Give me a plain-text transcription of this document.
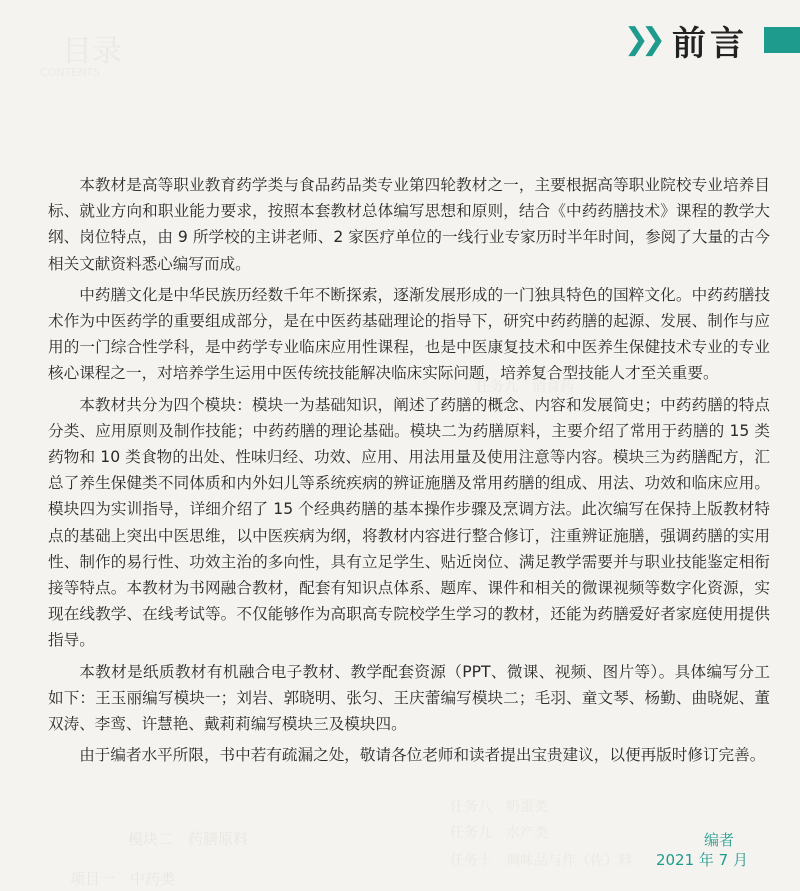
目录
CONTENTS
模块二　药膳原料
项目一　中药类
任务九　消食药
任务八　奶蛋类
任务九　水产类
任务十　调味品与作（佐）料
❯❯ 前言

本教材是高等职业教育药学类与食品药品类专业第四轮教材之一，主要根据高等职业院校专业培养目标、就业方向和职业能力要求，按照本套教材总体编写思想和原则，结合《中药药膳技术》课程的教学大纲、岗位特点，由 9 所学校的主讲老师、2 家医疗单位的一线行业专家历时半年时间，参阅了大量的古今相关文献资料悉心编写而成。

中药膳文化是中华民族历经数千年不断探索，逐渐发展形成的一门独具特色的国粹文化。中药药膳技术作为中医药学的重要组成部分，是在中医药基础理论的指导下，研究中药药膳的起源、发展、制作与应用的一门综合性学科，是中药学专业临床应用性课程，也是中医康复技术和中医养生保健技术专业的专业核心课程之一，对培养学生运用中医传统技能解决临床实际问题，培养复合型技能人才至关重要。

本教材共分为四个模块：模块一为基础知识，阐述了药膳的概念、内容和发展简史；中药药膳的特点分类、应用原则及制作技能；中药药膳的理论基础。模块二为药膳原料，主要介绍了常用于药膳的 15 类药物和 10 类食物的出处、性味归经、功效、应用、用法用量及使用注意等内容。模块三为药膳配方，汇总了养生保健类不同体质和内外妇儿等系统疾病的辨证施膳及常用药膳的组成、用法、功效和临床应用。模块四为实训指导，详细介绍了 15 个经典药膳的基本操作步骤及烹调方法。此次编写在保持上版教材特点的基础上突出中医思维，以中医疾病为纲，将教材内容进行整合修订，注重辨证施膳，强调药膳的实用性、制作的易行性、功效主治的多向性，具有立足学生、贴近岗位、满足教学需要并与职业技能鉴定相衔接等特点。本教材为书网融合教材，配套有知识点体系、题库、课件和相关的微课视频等数字化资源，实现在线教学、在线考试等。不仅能够作为高职高专院校学生学习的教材，还能为药膳爱好者家庭使用提供指导。

本教材是纸质教材有机融合电子教材、教学配套资源（PPT、微课、视频、图片等）。具体编写分工如下：王玉丽编写模块一；刘岩、郭晓明、张匀、王庆蕾编写模块二；毛羽、童文琴、杨勤、曲晓妮、董双涛、李鸾、许慧艳、戴莉莉编写模块三及模块四。

由于编者水平所限，书中若有疏漏之处，敬请各位老师和读者提出宝贵建议，以便再版时修订完善。

编者
2021 年 7 月
